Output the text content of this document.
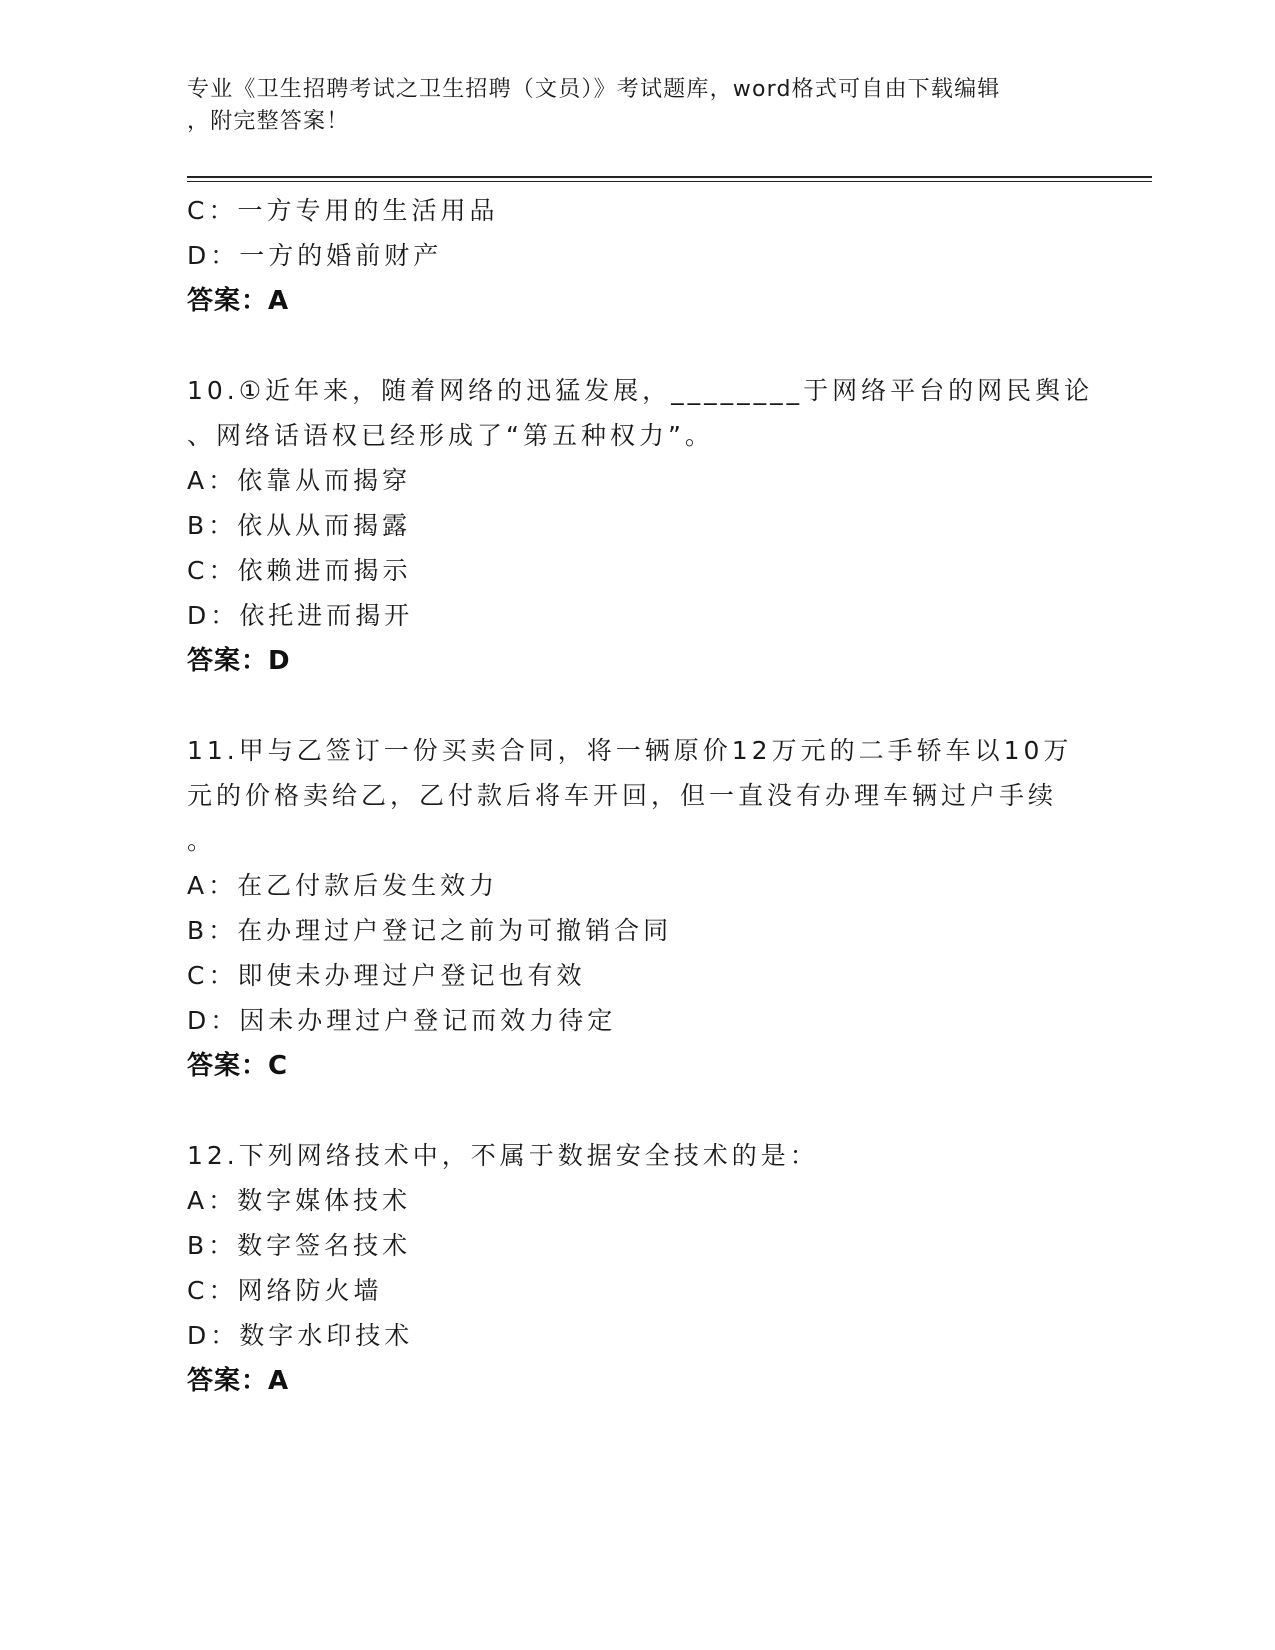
专业《卫生招聘考试之卫生招聘（文员）》考试题库，word格式可自由下载编辑
，附完整答案！
C：一方专用的生活用品
D：一方的婚前财产
答案：A
10.①近年来，随着网络的迅猛发展，________于网络平台的网民舆论
、网络话语权已经形成了“第五种权力”。
A：依靠从而揭穿
B：依从从而揭露
C：依赖进而揭示
D：依托进而揭开
答案：D
11.甲与乙签订一份买卖合同，将一辆原价12万元的二手轿车以10万
元的价格卖给乙，乙付款后将车开回，但一直没有办理车辆过户手续
。
A：在乙付款后发生效力
B：在办理过户登记之前为可撤销合同
C：即使未办理过户登记也有效
D：因未办理过户登记而效力待定
答案：C
12.下列网络技术中，不属于数据安全技术的是：
A：数字媒体技术
B：数字签名技术
C：网络防火墙
D：数字水印技术
答案：A
